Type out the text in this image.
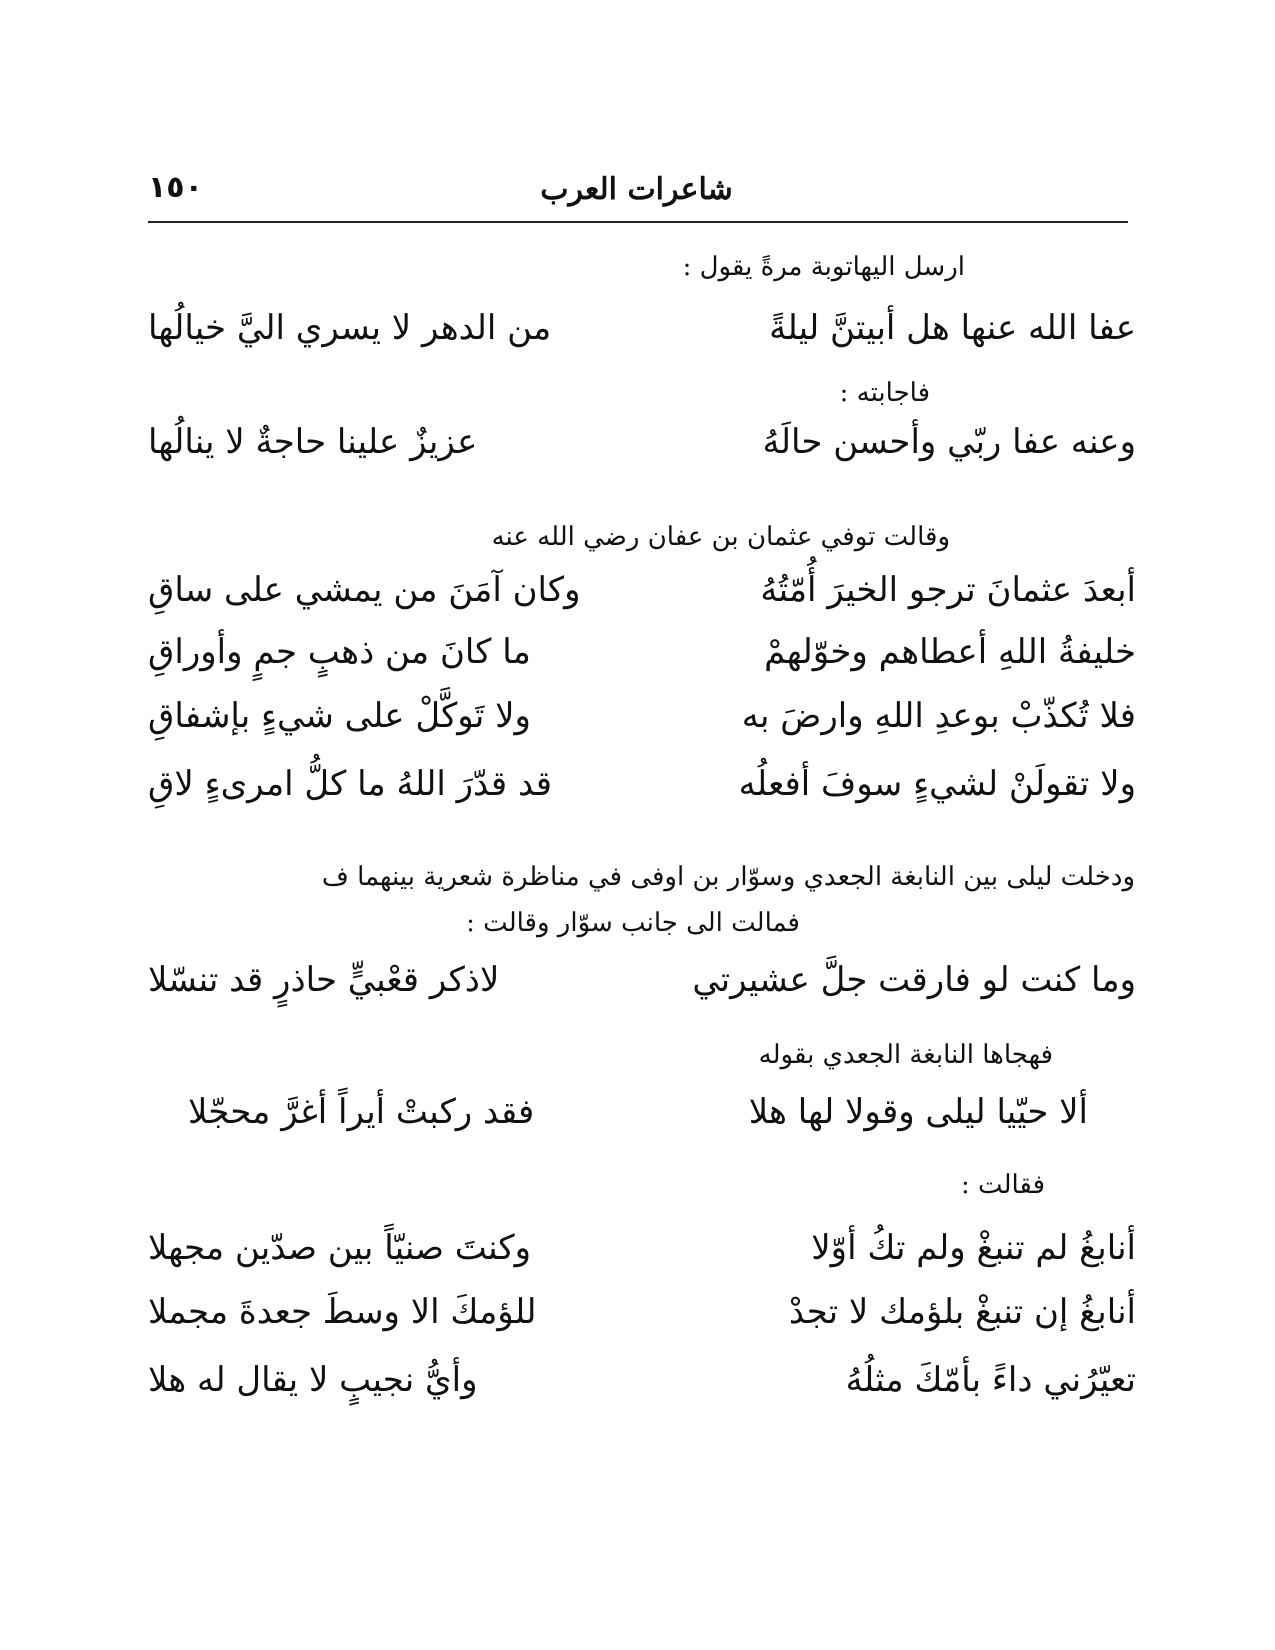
١٥٠	شاعرات العرب
ارسل اليهاتوبة مرةً يقول :
عفا الله عنها هل أبيتنَّ ليلةً
من الدهر لا يسري اليَّ خيالُها
فاجابته :
وعنه عفا ربّي وأحسن حالَهُ
عزيزٌ علينا حاجةٌ لا ينالُها
وقالت توفي عثمان بن عفان رضي الله عنه
أبعدَ عثمانَ ترجو الخيرَ أُمّتُهُ
وكان آمَنَ من يمشي على ساقِ
خليفةُ اللهِ أعطاهم وخوّلهمْ
ما كانَ من ذهبٍ جمٍ وأوراقِ
فلا تُكذّبْ بوعدِ اللهِ وارضَ به
ولا تَوكَّلْ على شيءٍ بإشفاقِ
ولا تقولَنْ لشيءٍ سوفَ أفعلُه
قد قدّرَ اللهُ ما كلُّ امرىءٍ لاقِ
ودخلت ليلى بين النابغة الجعدي وسوّار بن اوفى في مناظرة شعرية بينهما ف
فمالت الى جانب سوّار وقالت :
وما كنت لو فارقت جلَّ عشيرتي
لاذكر قعْبيٍّ حاذرٍ قد تنسّلا
فهجاها النابغة الجعدي بقوله
ألا حيّيا ليلى وقولا لها هلا
فقد ركبتْ أيراً أغرَّ محجّلا
فقالت :
أنابغُ لم تنبغْ ولم تكُ أوّلا
وكنتَ صنيّاً بين صدّين مجهلا
أنابغُ إن تنبغْ بلؤمك لا تجدْ
للؤمكَ الا وسطَ جعدةَ مجملا
تعيّرُني داءً بأمّكَ مثلُهُ
وأيُّ نجيبٍ لا يقال له هلا
